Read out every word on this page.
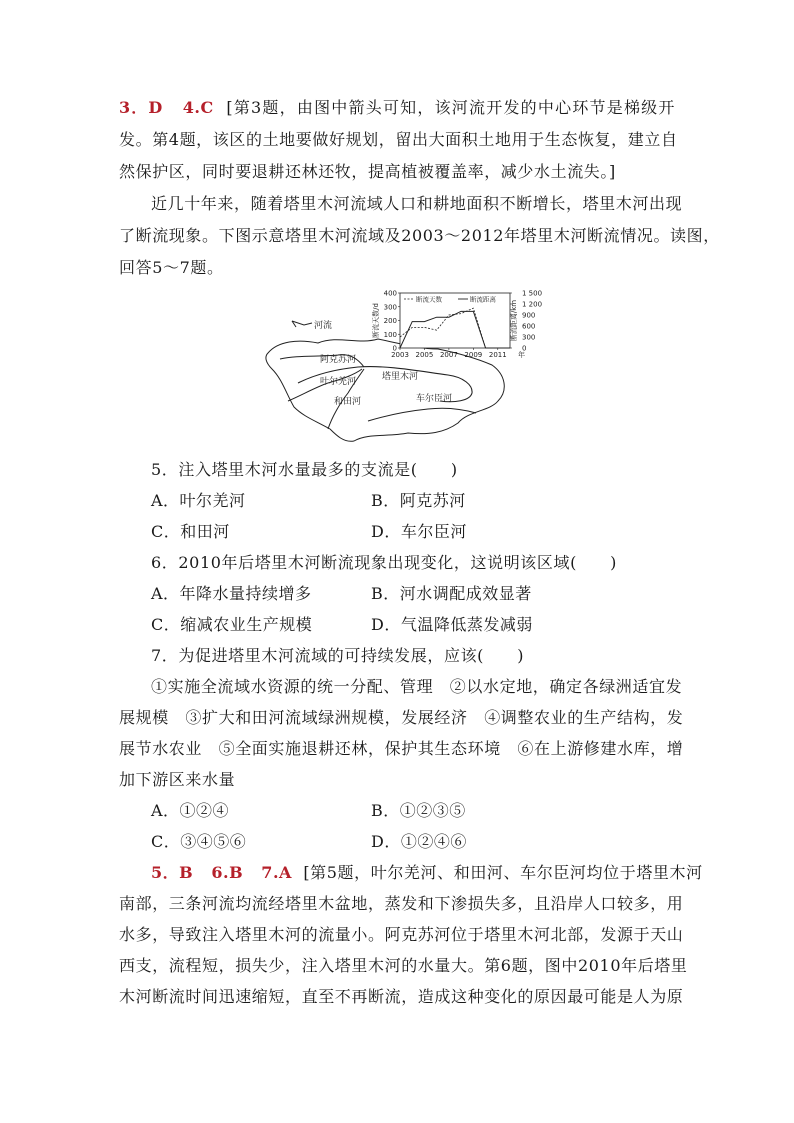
3．D   4.C [第3题，由图中箭头可知，该河流开发的中心环节是梯级开
发。第4题，该区的土地要做好规划，留出大面积土地用于生态恢复，建立自
然保护区，同时要退耕还林还牧，提高植被覆盖率，减少水土流失。]
近几十年来，随着塔里木河流域人口和耕地面积不断增长，塔里木河出现
了断流现象。下图示意塔里木河流域及2003～2012年塔里木河断流情况。读图，
回答5～7题。
河流
阿克苏河
叶尔羌河
和田河
塔里木河
车尔臣河
400
300
200
100
0
1 500
1 200
900
600
300
0
2003 2005 2007 2009 2011 年
断流天数/d	断流距离/km
断流天数	断流距离
5．注入塔里木河水量最多的支流是(  )
A．叶尔羌河	B．阿克苏河
C．和田河	D．车尔臣河
6．2010年后塔里木河断流现象出现变化，这说明该区域(  )
A．年降水量持续增多	B．河水调配成效显著
C．缩减农业生产规模	D．气温降低蒸发减弱
7．为促进塔里木河流域的可持续发展，应该(  )
①实施全流域水资源的统一分配、管理 ②以水定地，确定各绿洲适宜发
展规模 ③扩大和田河流域绿洲规模，发展经济 ④调整农业的生产结构，发
展节水农业 ⑤全面实施退耕还林，保护其生态环境 ⑥在上游修建水库，增
加下游区来水量
A．①②④	B．①②③⑤
C．③④⑤⑥	D．①②④⑥
5．B   6.B   7.A [第5题，叶尔羌河、和田河、车尔臣河均位于塔里木河
南部，三条河流均流经塔里木盆地，蒸发和下渗损失多，且沿岸人口较多，用
水多，导致注入塔里木河的流量小。阿克苏河位于塔里木河北部，发源于天山
西支，流程短，损失少，注入塔里木河的水量大。第6题，图中2010年后塔里
木河断流时间迅速缩短，直至不再断流，造成这种变化的原因最可能是人为原
